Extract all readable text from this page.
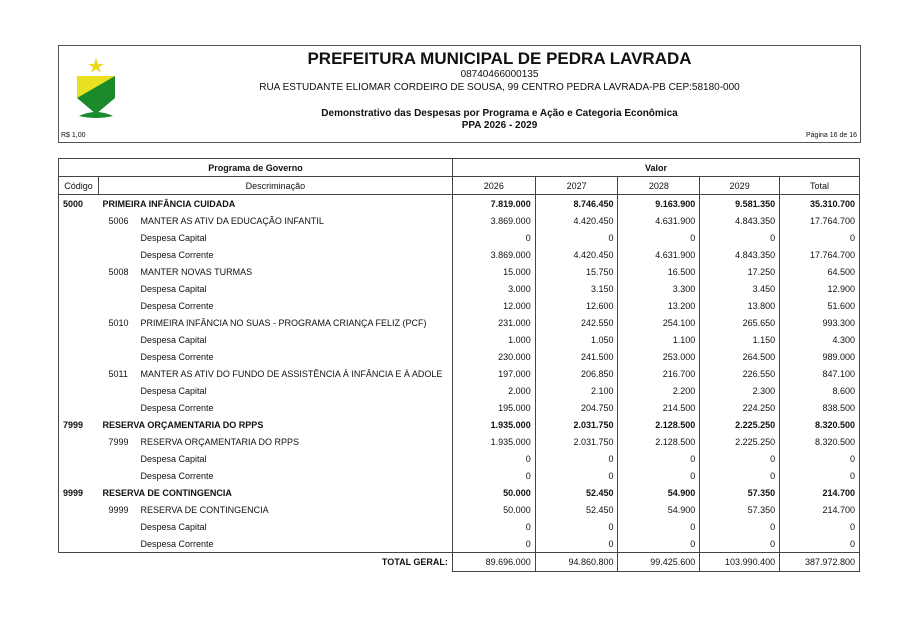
PREFEITURA MUNICIPAL DE PEDRA LAVRADA
08740466000135
RUA ESTUDANTE ELIOMAR CORDEIRO DE SOUSA, 99 CENTRO PEDRA LAVRADA-PB CEP:58180-000
Demonstrativo das Despesas por Programa e Ação e Categoria Econômica
PPA 2026 - 2029
R$ 1,00	Página 16 de 16
Programa de Governo		Valor				
Código	Descriminação	2026	2027	2028	2029	Total
5000	PRIMEIRA INFÂNCIA CUIDADA	7.819.000	8.746.450	9.163.900	9.581.350	35.310.700
	5006 MANTER AS ATIV DA EDUCAÇÃO INFANTIL	3.869.000	4.420.450	4.631.900	4.843.350	17.764.700
	Despesa Capital	0	0	0	0	0
	Despesa Corrente	3.869.000	4.420.450	4.631.900	4.843.350	17.764.700
	5008 MANTER NOVAS TURMAS	15.000	15.750	16.500	17.250	64.500
	Despesa Capital	3.000	3.150	3.300	3.450	12.900
	Despesa Corrente	12.000	12.600	13.200	13.800	51.600
	5010 PRIMEIRA INFÂNCIA NO SUAS - PROGRAMA CRIANÇA FELIZ (PCF)	231.000	242.550	254.100	265.650	993.300
	Despesa Capital	1.000	1.050	1.100	1.150	4.300
	Despesa Corrente	230.000	241.500	253.000	264.500	989.000
	5011 MANTER AS ATIV DO FUNDO DE ASSISTÊNCIA À INFÂNCIA E À ADOLE	197.000	206.850	216.700	226.550	847.100
	Despesa Capital	2.000	2.100	2.200	2.300	8.600
	Despesa Corrente	195.000	204.750	214.500	224.250	838.500
7999	RESERVA ORÇAMENTARIA DO RPPS	1.935.000	2.031.750	2.128.500	2.225.250	8.320.500
	7999 RESERVA ORÇAMENTARIA DO RPPS	1.935.000	2.031.750	2.128.500	2.225.250	8.320.500
	Despesa Capital	0	0	0	0	0
	Despesa Corrente	0	0	0	0	0
9999	RESERVA DE CONTINGENCIA	50.000	52.450	54.900	57.350	214.700
	9999 RESERVA DE CONTINGENCIA	50.000	52.450	54.900	57.350	214.700
	Despesa Capital	0	0	0	0	0
	Despesa Corrente	0	0	0	0	0
TOTAL GERAL:		89.696.000	94.860.800	99.425.600	103.990.400	387.972.800
